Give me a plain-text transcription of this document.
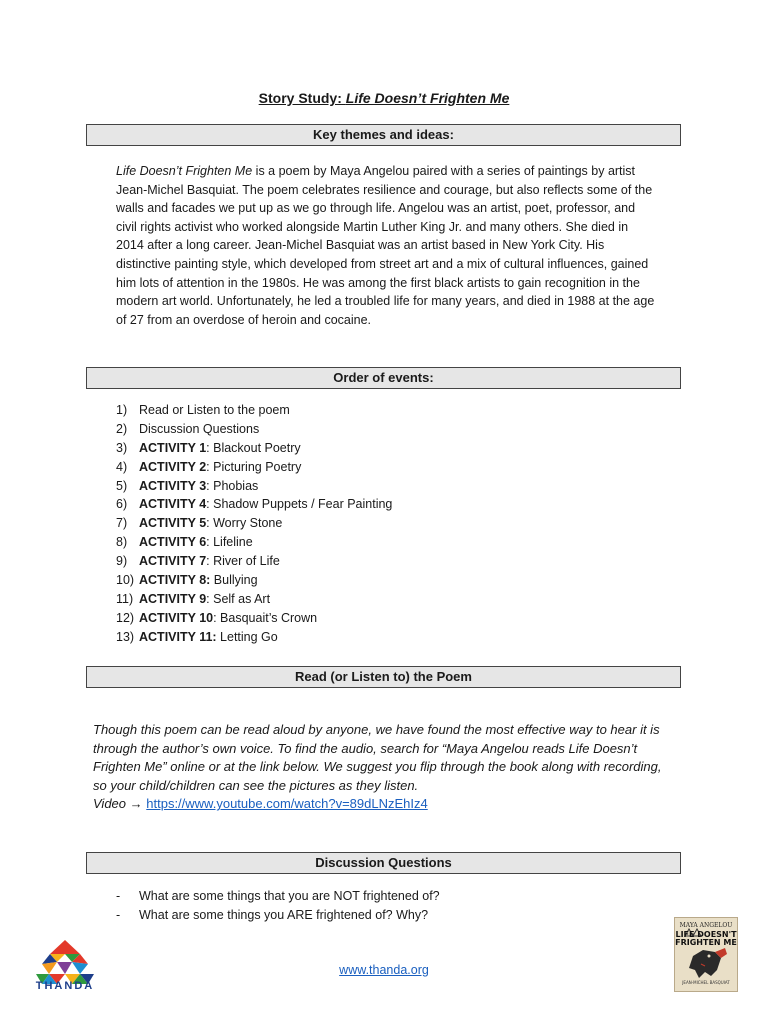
Story Study: Life Doesn’t Frighten Me
Key themes and ideas:
Life Doesn’t Frighten Me is a poem by Maya Angelou paired with a series of paintings by artist Jean-Michel Basquiat. The poem celebrates resilience and courage, but also reflects some of the walls and facades we put up as we go through life. Angelou was an artist, poet, professor, and civil rights activist who worked alongside Martin Luther King Jr. and many others. She died in 2014 after a long career. Jean-Michel Basquiat was an artist based in New York City. His distinctive painting style, which developed from street art and a mix of cultural influences, gained him lots of attention in the 1980s. He was among the first black artists to gain recognition in the modern art world. Unfortunately, he led a troubled life for many years, and died in 1988 at the age of 27 from an overdose of heroin and cocaine.
Order of events:
1) Read or Listen to the poem
2) Discussion Questions
3) ACTIVITY 1: Blackout Poetry
4) ACTIVITY 2: Picturing Poetry
5) ACTIVITY 3: Phobias
6) ACTIVITY 4: Shadow Puppets / Fear Painting
7) ACTIVITY 5: Worry Stone
8) ACTIVITY 6: Lifeline
9) ACTIVITY 7: River of Life
10) ACTIVITY 8: Bullying
11) ACTIVITY 9: Self as Art
12) ACTIVITY 10: Basquait’s Crown
13) ACTIVITY 11: Letting Go
Read (or Listen to) the Poem
Though this poem can be read aloud by anyone, we have found the most effective way to hear it is through the author’s own voice. To find the audio, search for “Maya Angelou reads Life Doesn’t Frighten Me” online or at the link below. We suggest you flip through the book along with recording, so your child/children can see the pictures as they listen.
Video → https://www.youtube.com/watch?v=89dLNzEhIz4
Discussion Questions
- What are some things that you are NOT frightened of?
- What are some things you ARE frightened of? Why?
www.thanda.org
THANDA
MAYA ANGELOU
LIFE DOESN'T FRIGHTEN ME
JEAN-MICHEL BASQUIAT
